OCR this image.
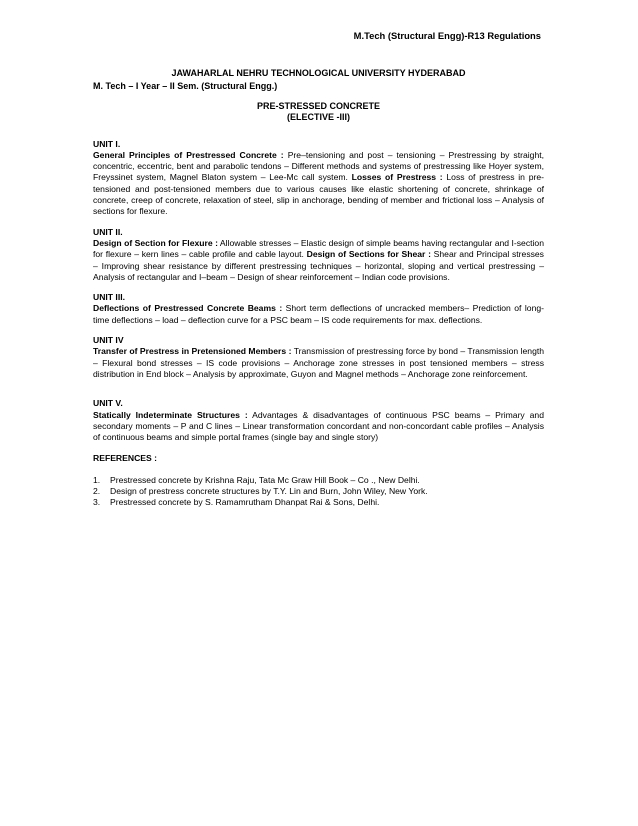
M.Tech (Structural Engg)-R13 Regulations
JAWAHARLAL NEHRU TECHNOLOGICAL UNIVERSITY HYDERABAD
M. Tech – I Year – II Sem. (Structural Engg.)
PRE-STRESSED CONCRETE
(ELECTIVE -III)
UNIT I.
General Principles of Prestressed Concrete : Pre–tensioning and post – tensioning – Prestressing by straight, concentric, eccentric, bent and parabolic tendons – Different methods and systems of prestressing like Hoyer system, Freyssinet system, Magnel Blaton system – Lee-Mc call system. Losses of Prestress : Loss of prestress in pre-tensioned and post-tensioned members due to various causes like elastic shortening of concrete, shrinkage of concrete, creep of concrete, relaxation of steel, slip in anchorage, bending of member and frictional loss – Analysis of sections for flexure.
UNIT II.
Design of Section for Flexure : Allowable stresses – Elastic design of simple beams having rectangular and I-section for flexure – kern lines – cable profile and cable layout. Design of Sections for Shear : Shear and Principal stresses – Improving shear resistance by different prestressing techniques – horizontal, sloping and vertical prestressing – Analysis of rectangular and I–beam – Design of shear reinforcement – Indian code provisions.
UNIT III.
Deflections of Prestressed Concrete Beams : Short term deflections of uncracked members– Prediction of long-time deflections – load – deflection curve for a PSC beam – IS code requirements for max. deflections.
UNIT IV
Transfer of Prestress in Pretensioned Members : Transmission of prestressing force by bond – Transmission length – Flexural bond stresses – IS code provisions – Anchorage zone stresses in post tensioned members – stress distribution in End block – Analysis by approximate, Guyon and Magnel methods – Anchorage zone reinforcement.
UNIT V.
Statically Indeterminate Structures : Advantages & disadvantages of continuous PSC beams – Primary and secondary moments – P and C lines – Linear transformation concordant and non-concordant cable profiles – Analysis of continuous beams and simple portal frames (single bay and single story)
REFERENCES :
1.	Prestressed concrete by Krishna Raju, Tata Mc Graw Hill Book – Co ., New Delhi.
2.	Design of prestress concrete structures by T.Y. Lin and Burn, John Wiley, New York.
3.	Prestressed concrete by S. Ramamrutham Dhanpat Rai & Sons, Delhi.
